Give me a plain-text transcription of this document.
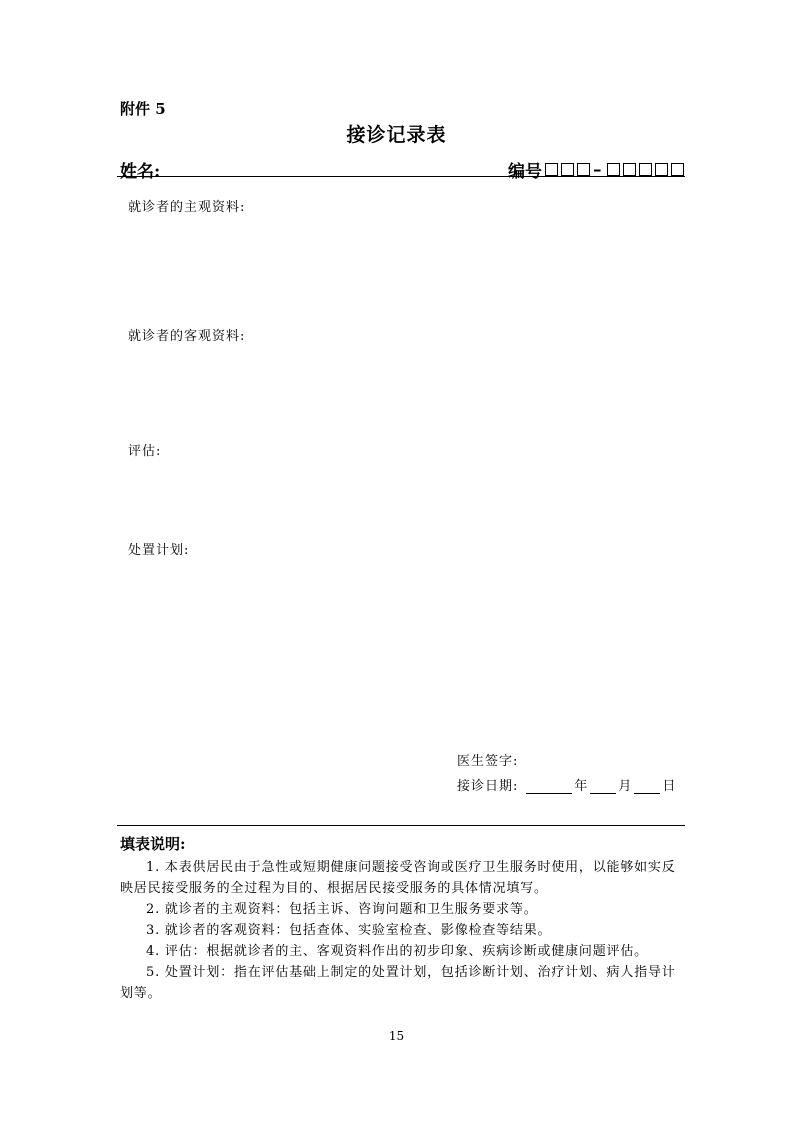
附件 5
接诊记录表
姓名:	编号	–
就诊者的主观资料:
就诊者的客观资料:
评估:
处置计划:
医生签字:
接诊日期:	年 月 日
填表说明:

1. 本表供居民由于急性或短期健康问题接受咨询或医疗卫生服务时使用，以能够如实反映居民接受服务的全过程为目的、根据居民接受服务的具体情况填写。

2. 就诊者的主观资料：包括主诉、咨询问题和卫生服务要求等。

3. 就诊者的客观资料：包括查体、实验室检查、影像检查等结果。

4. 评估：根据就诊者的主、客观资料作出的初步印象、疾病诊断或健康问题评估。

5. 处置计划：指在评估基础上制定的处置计划，包括诊断计划、治疗计划、病人指导计划等。

15
